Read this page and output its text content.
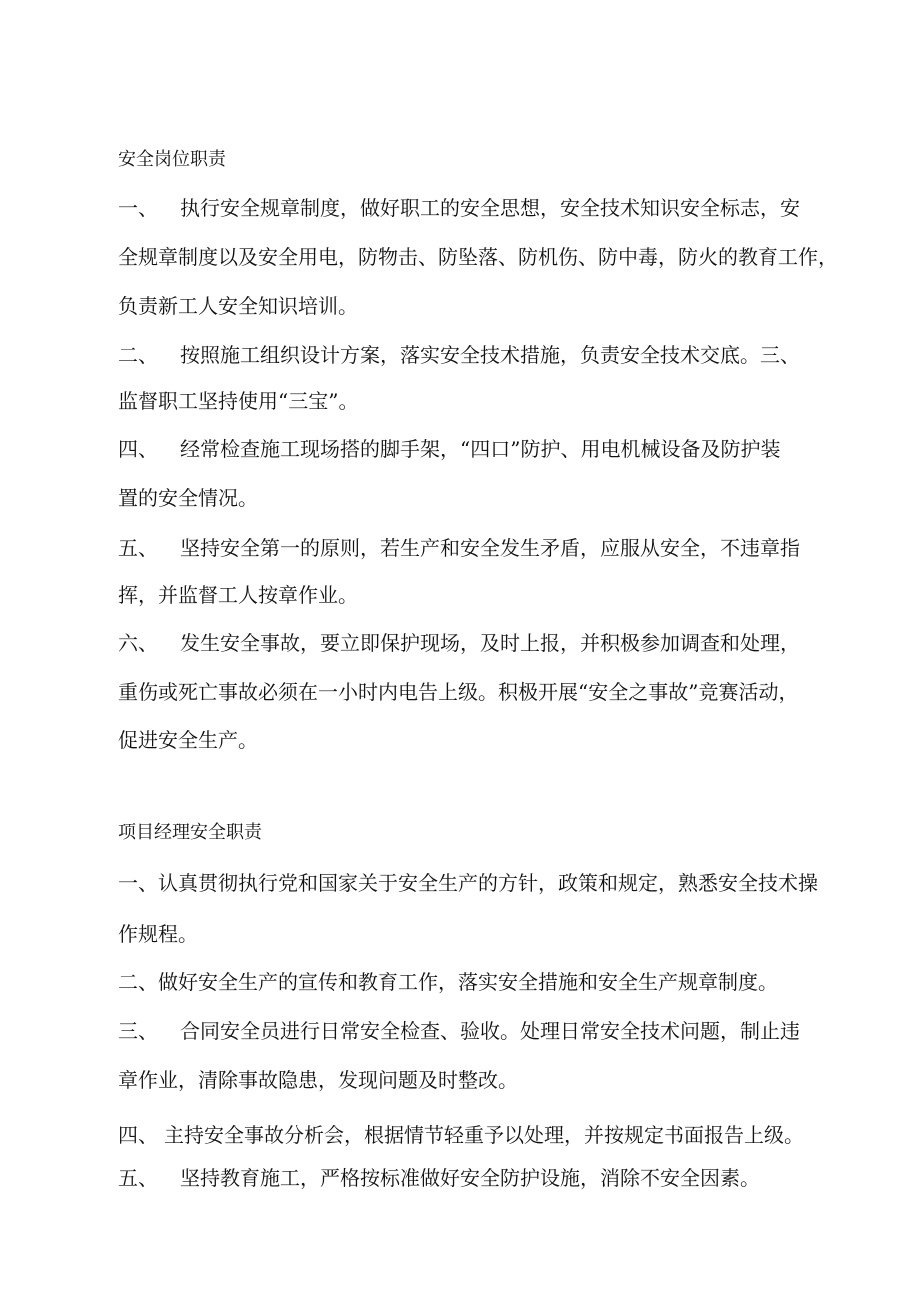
安全岗位职责
一、 执行安全规章制度，做好职工的安全思想，安全技术知识安全标志，安
全规章制度以及安全用电，防物击、防坠落、防机伤、防中毒，防火的教育工作，
负责新工人安全知识培训。
二、 按照施工组织设计方案，落实安全技术措施，负责安全技术交底。三、
监督职工坚持使用“三宝”。
四、 经常检查施工现场搭的脚手架，“四口”防护、用电机械设备及防护装
置的安全情况。
五、 坚持安全第一的原则，若生产和安全发生矛盾，应服从安全，不违章指
挥，并监督工人按章作业。
六、 发生安全事故，要立即保护现场，及时上报，并积极参加调查和处理，
重伤或死亡事故必须在一小时内电告上级。积极开展“安全之事故”竞赛活动，
促进安全生产。
项目经理安全职责
一、认真贯彻执行党和国家关于安全生产的方针，政策和规定，熟悉安全技术操
作规程。
二、做好安全生产的宣传和教育工作，落实安全措施和安全生产规章制度。
三、 合同安全员进行日常安全检查、验收。处理日常安全技术问题，制止违
章作业，清除事故隐患，发现问题及时整改。
四、 主持安全事故分析会，根据情节轻重予以处理，并按规定书面报告上级。
五、 坚持教育施工，严格按标准做好安全防护设施，消除不安全因素。
